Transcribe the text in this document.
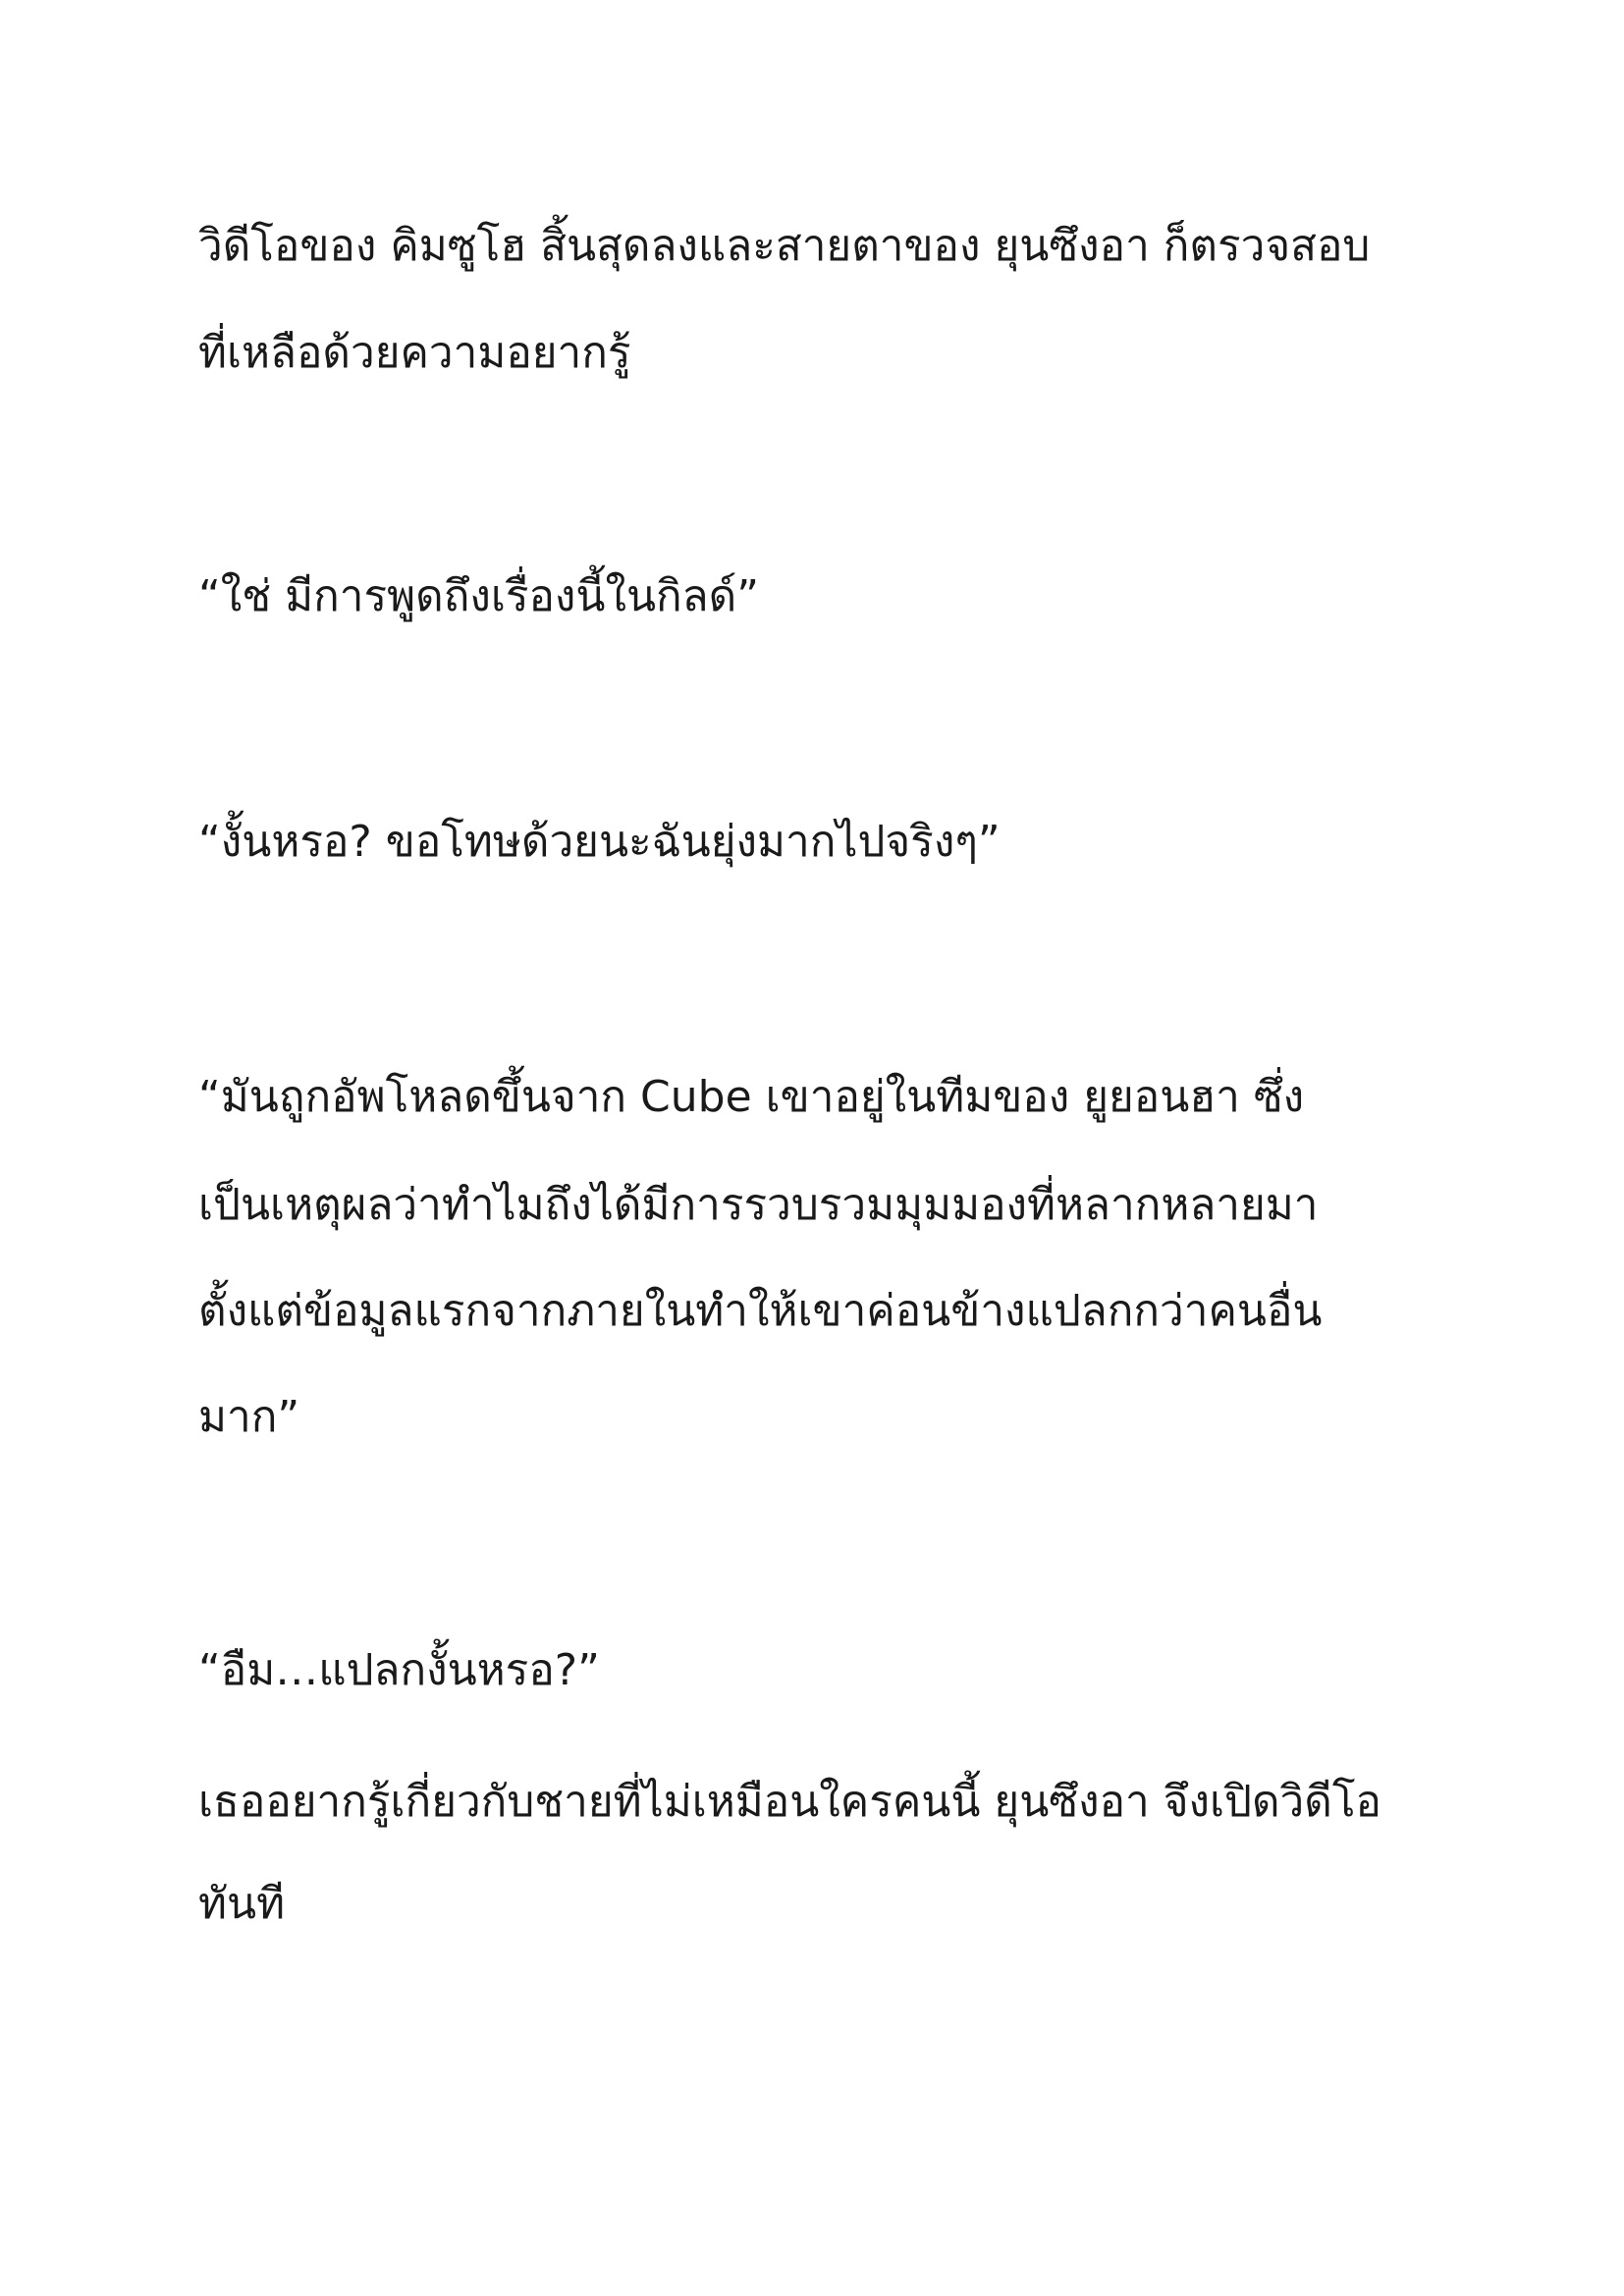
วิดีโอของ คิมซูโฮ สิ้นสุดลงและสายตาของ ยุนซึงอา ก็ตรวจสอบ

ที่เหลือด้วยความอยากรู้

“ใช่ มีการพูดถึงเรื่องนี้ในกิลด์”

“งั้นหรอ? ขอโทษด้วยนะฉันยุ่งมากไปจริงๆ”

“มันถูกอัพโหลดขึ้นจาก Cube เขาอยู่ในทีมของ ยูยอนฮา ซึ่ง

เป็นเหตุผลว่าทำไมถึงได้มีการรวบรวมมุมมองที่หลากหลายมา

ตั้งแต่ข้อมูลแรกจากภายในทำให้เขาค่อนข้างแปลกกว่าคนอื่น

มาก”

“อืม…แปลกงั้นหรอ?”

เธออยากรู้เกี่ยวกับชายที่ไม่เหมือนใครคนนี้ ยุนซึงอา จึงเปิดวิดีโอ

ทันที
